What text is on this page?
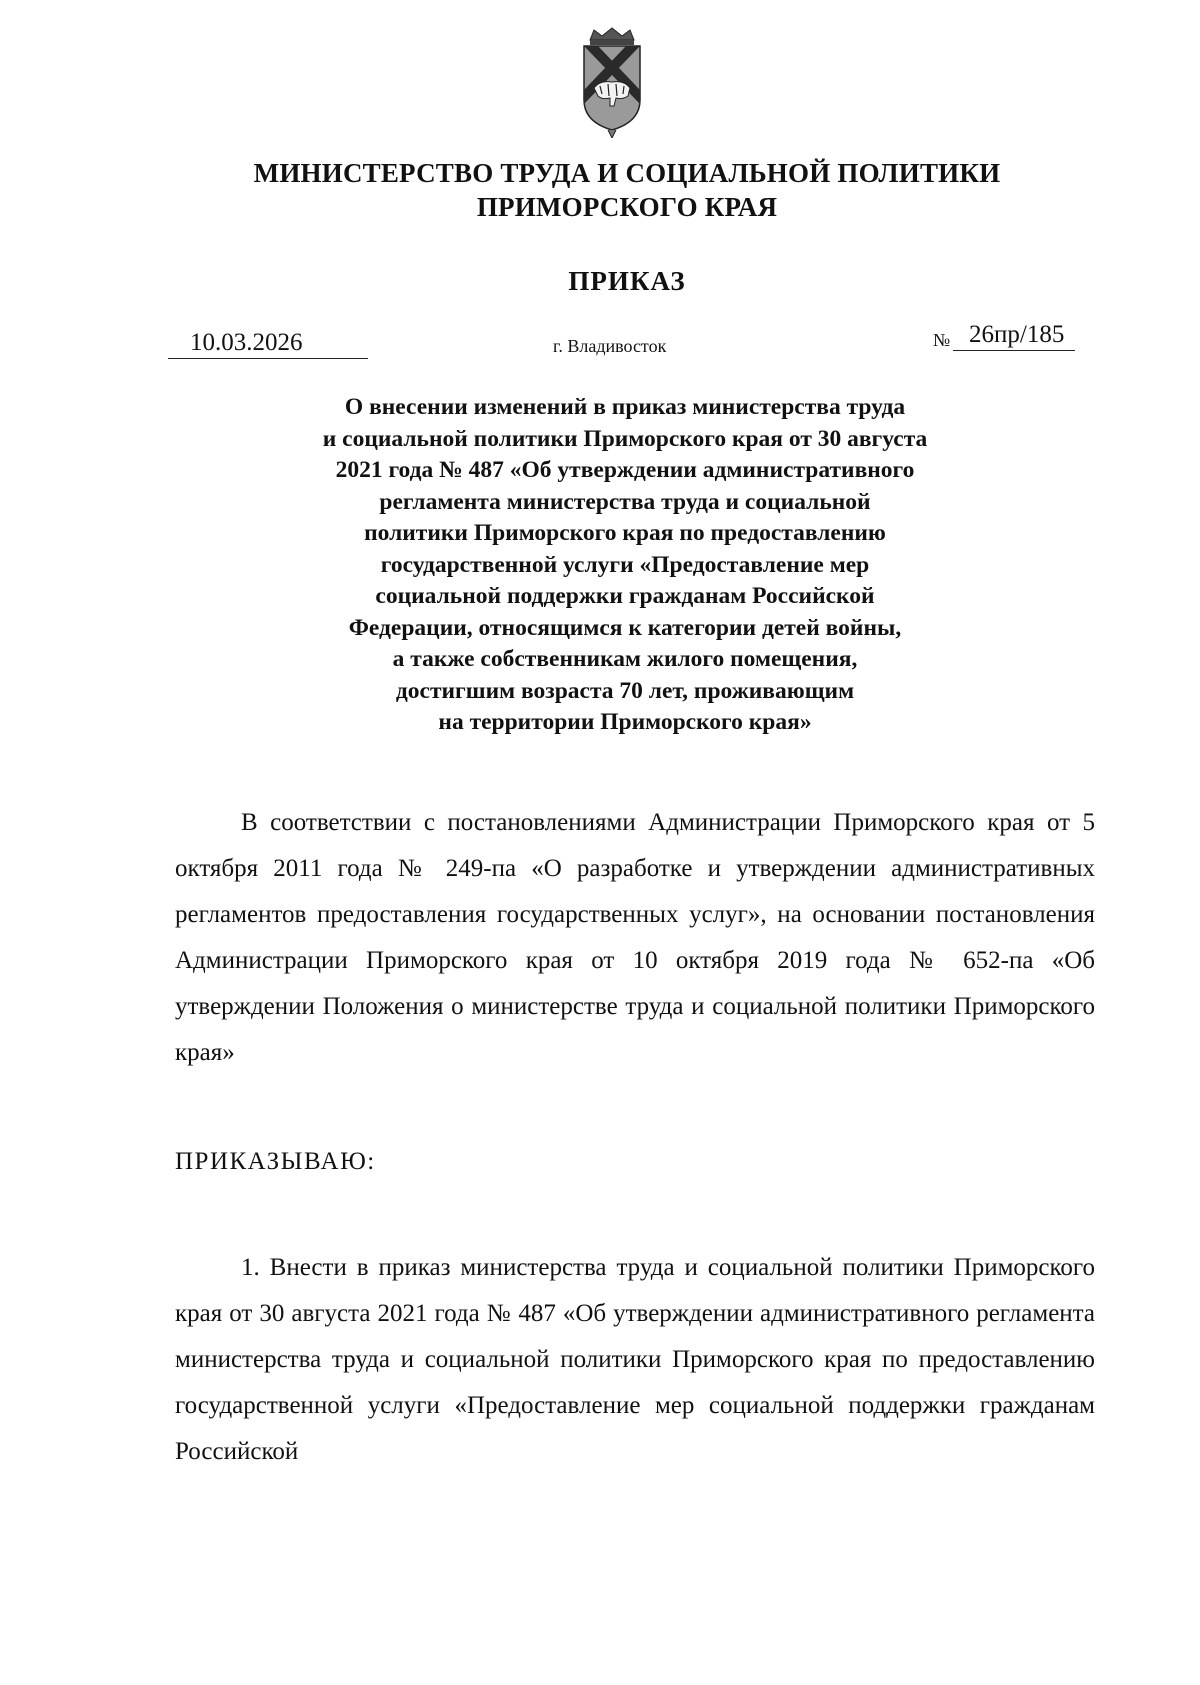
МИНИСТЕРСТВО ТРУДА И СОЦИАЛЬНОЙ ПОЛИТИКИ
ПРИМОРСКОГО КРАЯ
ПРИКАЗ
10.03.2026	г. Владивосток	№ 26пр/185
О внесении изменений в приказ министерства труда
и социальной политики Приморского края от 30 августа
2021 года № 487 «Об утверждении административного
регламента министерства труда и социальной
политики Приморского края по предоставлению
государственной услуги «Предоставление мер
социальной поддержки гражданам Российской
Федерации, относящимся к категории детей войны,
а также собственникам жилого помещения,
достигшим возраста 70 лет, проживающим
на территории Приморского края»

В соответствии с постановлениями Администрации Приморского края от 5 октября 2011 года № 249-па «О разработке и утверждении административных регламентов предоставления государственных услуг», на основании постановления Администрации Приморского края от 10 октября 2019 года № 652-па «Об утверждении Положения о министерстве труда и социальной политики Приморского края»

ПРИКАЗЫВАЮ:

1. Внести в приказ министерства труда и социальной политики Приморского края от 30 августа 2021 года № 487 «Об утверждении административного регламента министерства труда и социальной политики Приморского края по предоставлению государственной услуги «Предоставление мер социальной поддержки гражданам Российской
